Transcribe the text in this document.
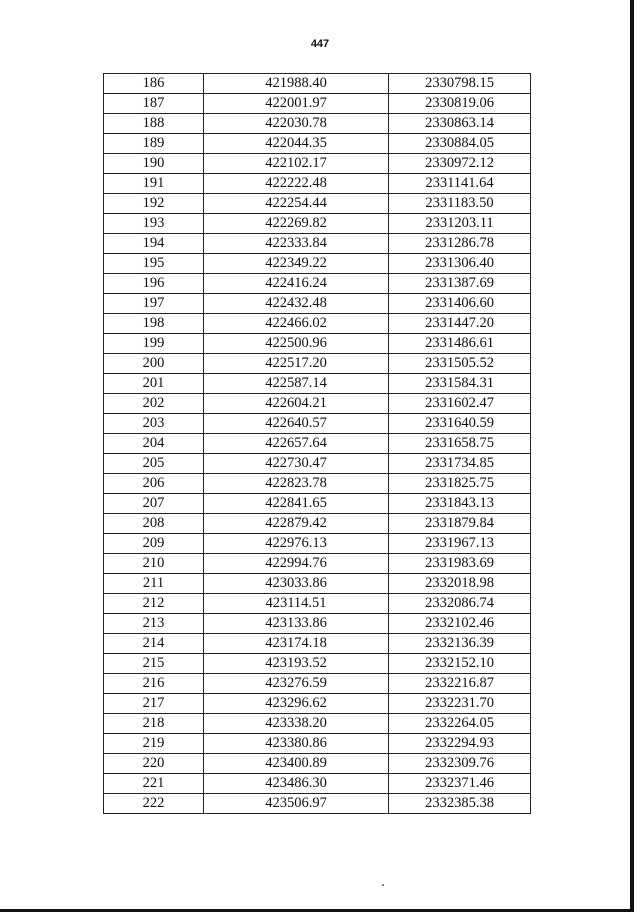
447
186	421988.40	2330798.15
187	422001.97	2330819.06
188	422030.78	2330863.14
189	422044.35	2330884.05
190	422102.17	2330972.12
191	422222.48	2331141.64
192	422254.44	2331183.50
193	422269.82	2331203.11
194	422333.84	2331286.78
195	422349.22	2331306.40
196	422416.24	2331387.69
197	422432.48	2331406.60
198	422466.02	2331447.20
199	422500.96	2331486.61
200	422517.20	2331505.52
201	422587.14	2331584.31
202	422604.21	2331602.47
203	422640.57	2331640.59
204	422657.64	2331658.75
205	422730.47	2331734.85
206	422823.78	2331825.75
207	422841.65	2331843.13
208	422879.42	2331879.84
209	422976.13	2331967.13
210	422994.76	2331983.69
211	423033.86	2332018.98
212	423114.51	2332086.74
213	423133.86	2332102.46
214	423174.18	2332136.39
215	423193.52	2332152.10
216	423276.59	2332216.87
217	423296.62	2332231.70
218	423338.20	2332264.05
219	423380.86	2332294.93
220	423400.89	2332309.76
221	423486.30	2332371.46
222	423506.97	2332385.38
